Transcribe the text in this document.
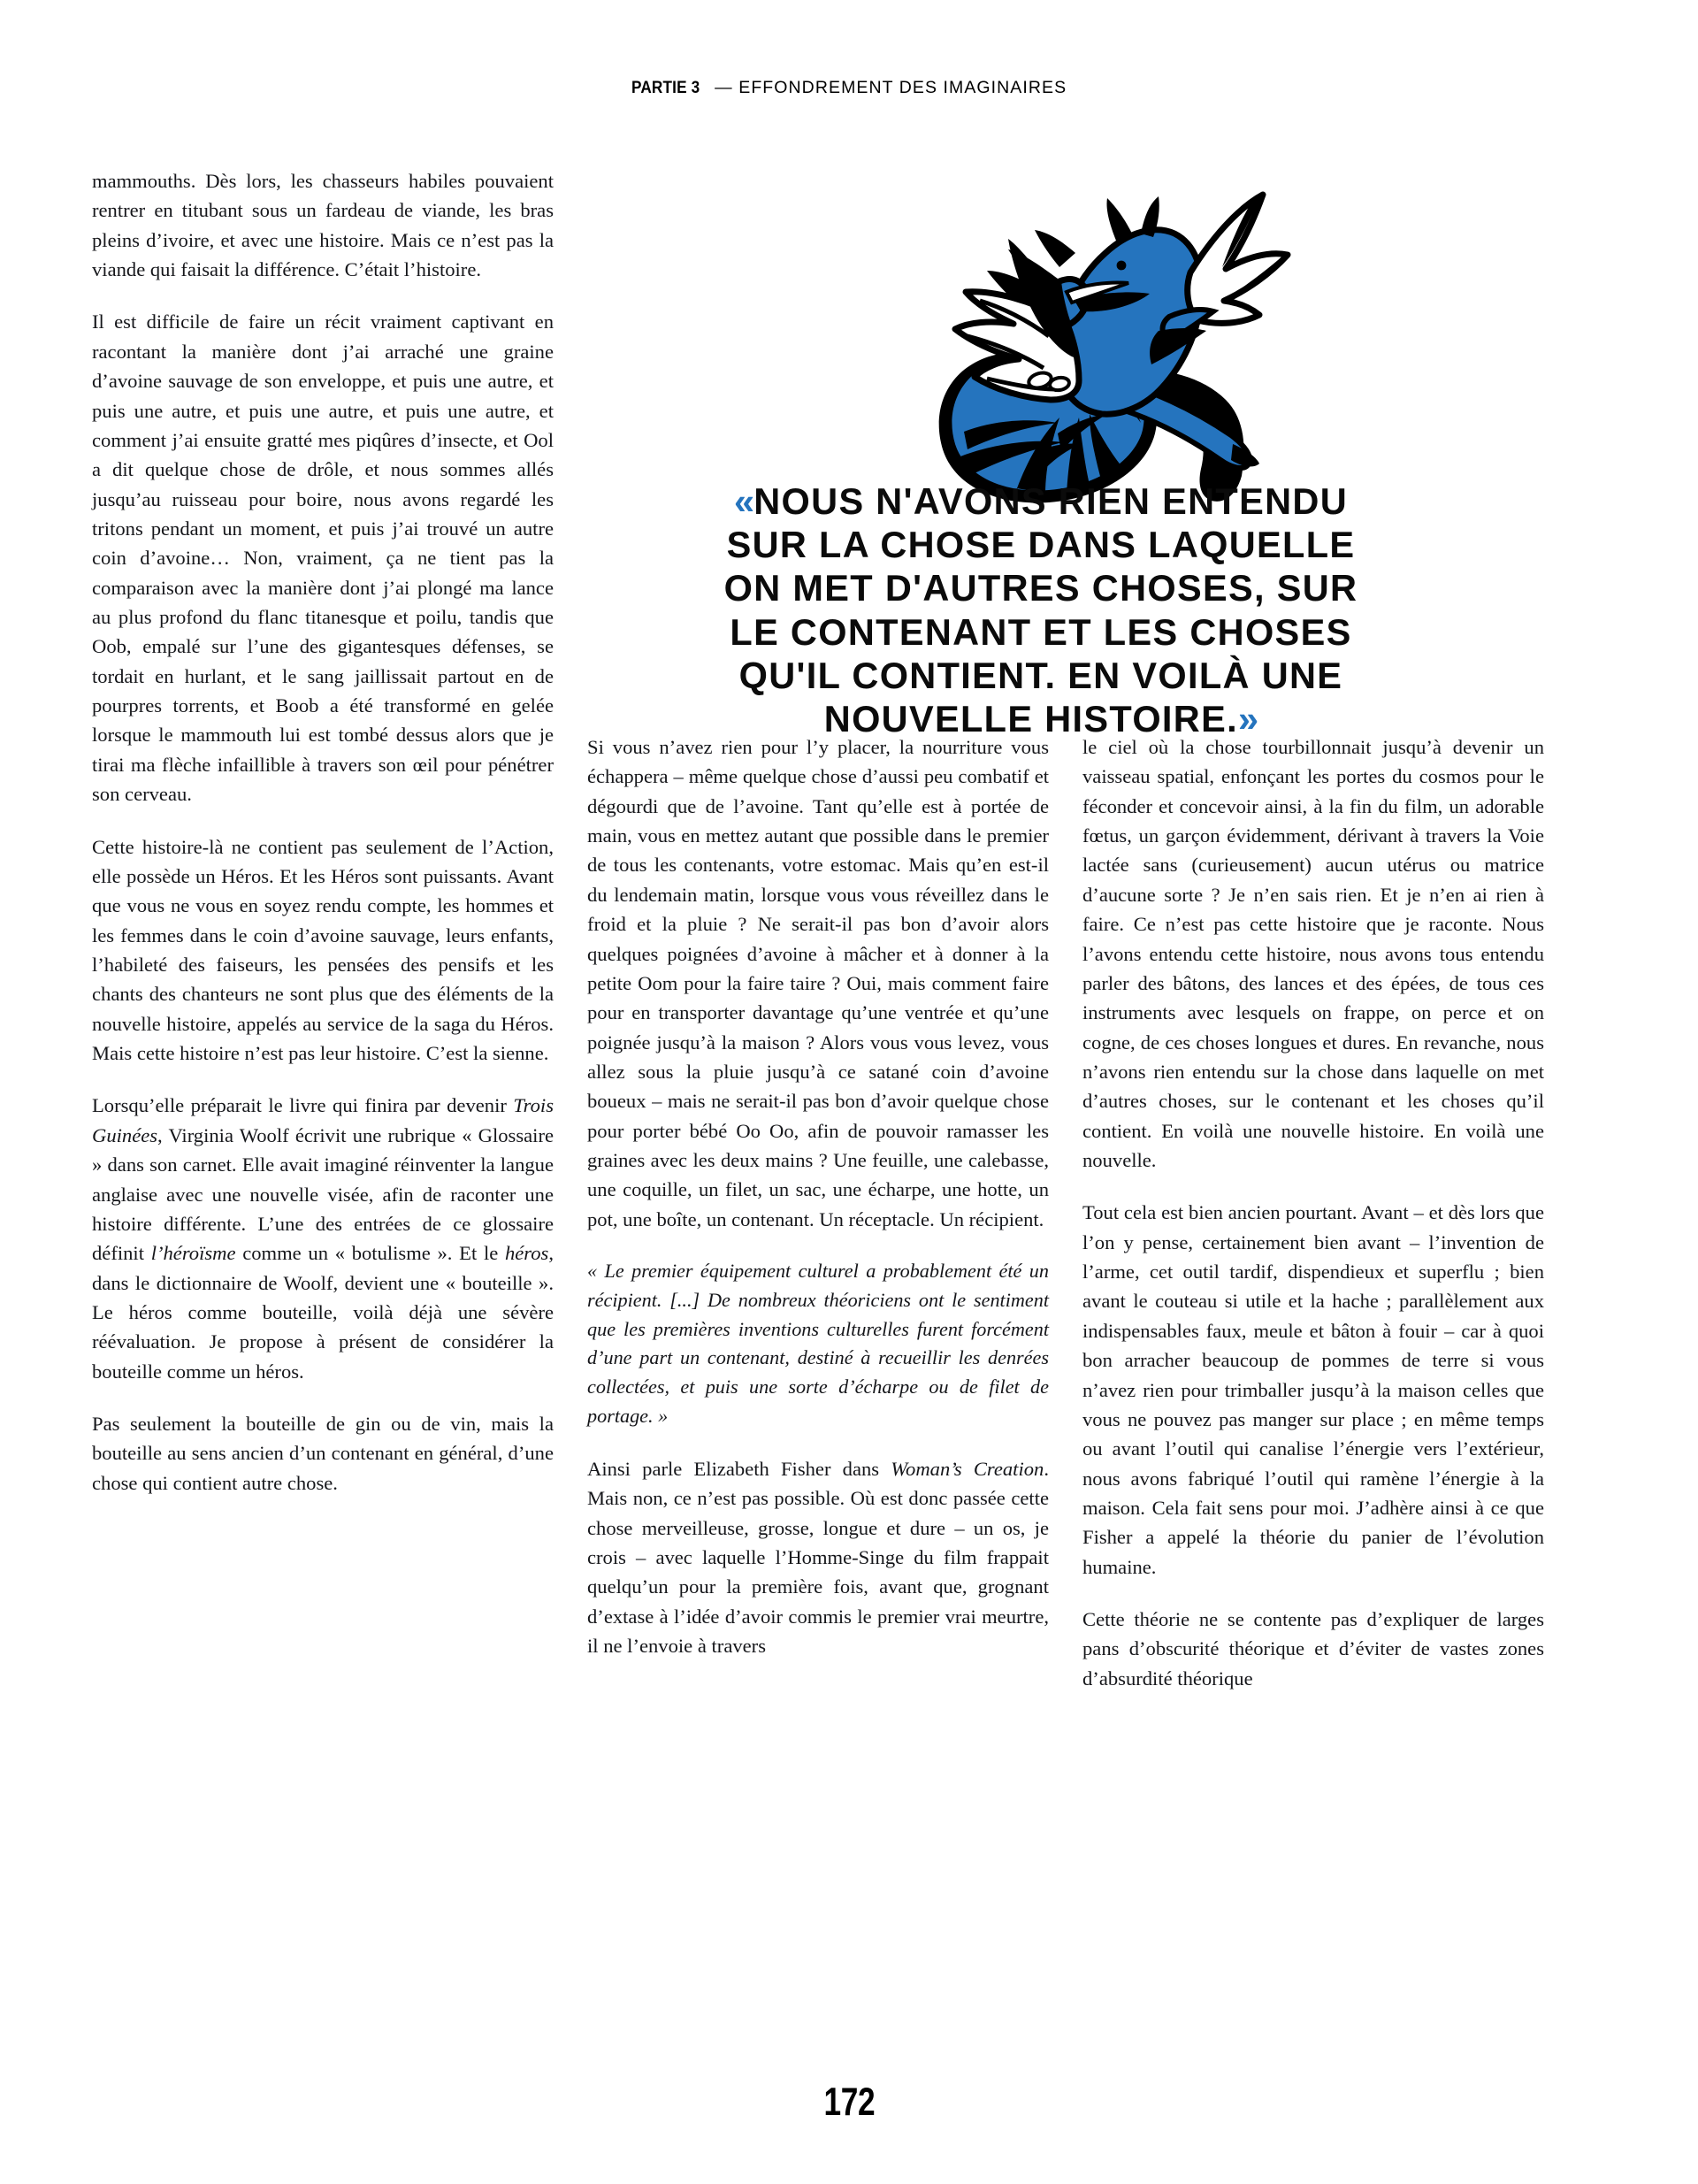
PARTIE 3 — EFFONDREMENT DES IMAGINAIRES
«NOUS N'AVONS RIEN ENTENDU
SUR LA CHOSE DANS LAQUELLE
ON MET D'AUTRES CHOSES, SUR
LE CONTENANT ET LES CHOSES
QU'IL CONTIENT. EN VOILÀ UNE
NOUVELLE HISTOIRE.»

mammouths. Dès lors, les chasseurs habiles pouvaient rentrer en titubant sous un fardeau de viande, les bras pleins d’ivoire, et avec une histoire. Mais ce n’est pas la viande qui faisait la différence. C’était l’histoire.

Il est difficile de faire un récit vraiment captivant en racontant la manière dont j’ai arraché une graine d’avoine sauvage de son enveloppe, et puis une autre, et puis une autre, et puis une autre, et puis une autre, et comment j’ai ensuite gratté mes piqûres d’insecte, et Ool a dit quelque chose de drôle, et nous sommes allés jusqu’au ruisseau pour boire, nous avons regardé les tritons pendant un moment, et puis j’ai trouvé un autre coin d’avoine… Non, vraiment, ça ne tient pas la comparaison avec la manière dont j’ai plongé ma lance au plus profond du flanc titanesque et poilu, tandis que Oob, empalé sur l’une des gigantesques défenses, se tordait en hurlant, et le sang jaillissait partout en de pourpres torrents, et Boob a été transformé en gelée lorsque le mammouth lui est tombé dessus alors que je tirai ma flèche infaillible à travers son œil pour pénétrer son cerveau.

Cette histoire-là ne contient pas seulement de l’Action, elle possède un Héros. Et les Héros sont puissants. Avant que vous ne vous en soyez rendu compte, les hommes et les femmes dans le coin d’avoine sauvage, leurs enfants, l’habileté des faiseurs, les pensées des pensifs et les chants des chanteurs ne sont plus que des éléments de la nouvelle histoire, appelés au service de la saga du Héros. Mais cette histoire n’est pas leur histoire. C’est la sienne.

Lorsqu’elle préparait le livre qui finira par devenir Trois Guinées, Virginia Woolf écrivit une rubrique « Glossaire » dans son carnet. Elle avait imaginé réinventer la langue anglaise avec une nouvelle visée, afin de raconter une histoire différente. L’une des entrées de ce glossaire définit l’héroïsme comme un « botulisme ». Et le héros, dans le dictionnaire de Woolf, devient une « bouteille ». Le héros comme bouteille, voilà déjà une sévère réévaluation. Je propose à présent de considérer la bouteille comme un héros.

Pas seulement la bouteille de gin ou de vin, mais la bouteille au sens ancien d’un contenant en général, d’une chose qui contient autre chose.

Si vous n’avez rien pour l’y placer, la nourriture vous échappera – même quelque chose d’aussi peu combatif et dégourdi que de l’avoine. Tant qu’elle est à portée de main, vous en mettez autant que possible dans le premier de tous les contenants, votre estomac. Mais qu’en est-il du lendemain matin, lorsque vous vous réveillez dans le froid et la pluie ? Ne serait-il pas bon d’avoir alors quelques poignées d’avoine à mâcher et à donner à la petite Oom pour la faire taire ? Oui, mais comment faire pour en transporter davantage qu’une ventrée et qu’une poignée jusqu’à la maison ? Alors vous vous levez, vous allez sous la pluie jusqu’à ce satané coin d’avoine boueux – mais ne serait-il pas bon d’avoir quelque chose pour porter bébé Oo Oo, afin de pouvoir ramasser les graines avec les deux mains ? Une feuille, une calebasse, une coquille, un filet, un sac, une écharpe, une hotte, un pot, une boîte, un contenant. Un réceptacle. Un récipient.

« Le premier équipement culturel a probablement été un récipient. [...] De nombreux théoriciens ont le sentiment que les premières inventions culturelles furent forcément d’une part un contenant, destiné à recueillir les denrées collectées, et puis une sorte d’écharpe ou de filet de portage. »

Ainsi parle Elizabeth Fisher dans Woman’s Creation. Mais non, ce n’est pas possible. Où est donc passée cette chose merveilleuse, grosse, longue et dure – un os, je crois – avec laquelle l’Homme-Singe du film frappait quelqu’un pour la première fois, avant que, grognant d’extase à l’idée d’avoir commis le premier vrai meurtre, il ne l’envoie à travers

le ciel où la chose tourbillonnait jusqu’à devenir un vaisseau spatial, enfonçant les portes du cosmos pour le féconder et concevoir ainsi, à la fin du film, un adorable fœtus, un garçon évidemment, dérivant à travers la Voie lactée sans (curieusement) aucun utérus ou matrice d’aucune sorte ? Je n’en sais rien. Et je n’en ai rien à faire. Ce n’est pas cette histoire que je raconte. Nous l’avons entendu cette histoire, nous avons tous entendu parler des bâtons, des lances et des épées, de tous ces instruments avec lesquels on frappe, on perce et on cogne, de ces choses longues et dures. En revanche, nous n’avons rien entendu sur la chose dans laquelle on met d’autres choses, sur le contenant et les choses qu’il contient. En voilà une nouvelle histoire. En voilà une nouvelle.

Tout cela est bien ancien pourtant. Avant – et dès lors que l’on y pense, certainement bien avant – l’invention de l’arme, cet outil tardif, dispendieux et superflu ; bien avant le couteau si utile et la hache ; parallèlement aux indispensables faux, meule et bâton à fouir – car à quoi bon arracher beaucoup de pommes de terre si vous n’avez rien pour trimballer jusqu’à la maison celles que vous ne pouvez pas manger sur place ; en même temps ou avant l’outil qui canalise l’énergie vers l’extérieur, nous avons fabriqué l’outil qui ramène l’énergie à la maison. Cela fait sens pour moi. J’adhère ainsi à ce que Fisher a appelé la théorie du panier de l’évolution humaine.

Cette théorie ne se contente pas d’expliquer de larges pans d’obscurité théorique et d’éviter de vastes zones d’absurdité théorique

172
